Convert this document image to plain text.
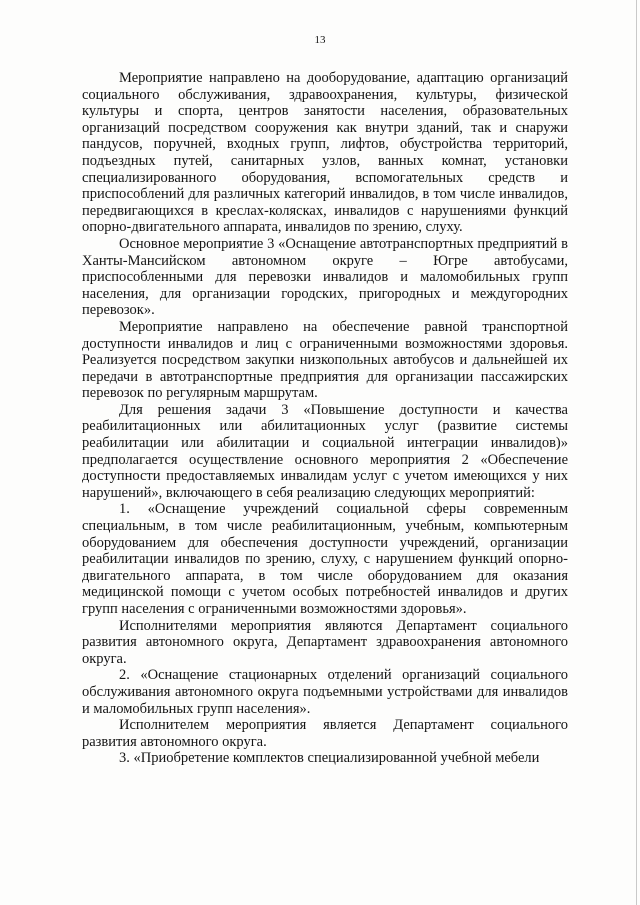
13

Мероприятие направлено на дооборудование, адаптацию организаций социального обслуживания, здравоохранения, культуры, физической культуры и спорта, центров занятости населения, образовательных организаций посредством сооружения как внутри зданий, так и снаружи пандусов, поручней, входных групп, лифтов, обустройства территорий, подъездных путей, санитарных узлов, ванных комнат, установки специализированного оборудования, вспомогательных средств и приспособлений для различных категорий инвалидов, в том числе инвалидов, передвигающихся в креслах-колясках, инвалидов с нарушениями функций опорно-двигательного аппарата, инвалидов по зрению, слуху.

Основное мероприятие 3 «Оснащение автотранспортных предприятий в Ханты-Мансийском автономном округе – Югре автобусами, приспособленными для перевозки инвалидов и маломобильных групп населения, для организации городских, пригородных и междугородних перевозок».

Мероприятие направлено на обеспечение равной транспортной доступности инвалидов и лиц с ограниченными возможностями здоровья. Реализуется посредством закупки низкопольных автобусов и дальнейшей их передачи в автотранспортные предприятия для организации пассажирских перевозок по регулярным маршрутам.

Для решения задачи 3 «Повышение доступности и качества реабилитационных или абилитационных услуг (развитие системы реабилитации или абилитации и социальной интеграции инвалидов)» предполагается осуществление основного мероприятия 2 «Обеспечение доступности предоставляемых инвалидам услуг с учетом имеющихся у них нарушений», включающего в себя реализацию следующих мероприятий:

1. «Оснащение учреждений социальной сферы современным специальным, в том числе реабилитационным, учебным, компьютерным оборудованием для обеспечения доступности учреждений, организации реабилитации инвалидов по зрению, слуху, с нарушением функций опорно-двигательного аппарата, в том числе оборудованием для оказания медицинской помощи с учетом особых потребностей инвалидов и других групп населения с ограниченными возможностями здоровья».

Исполнителями мероприятия являются Департамент социального развития автономного округа, Департамент здравоохранения автономного округа.

2. «Оснащение стационарных отделений организаций социального обслуживания автономного округа подъемными устройствами для инвалидов и маломобильных групп населения».

Исполнителем мероприятия является Департамент социального развития автономного округа.

3. «Приобретение комплектов специализированной учебной мебели
